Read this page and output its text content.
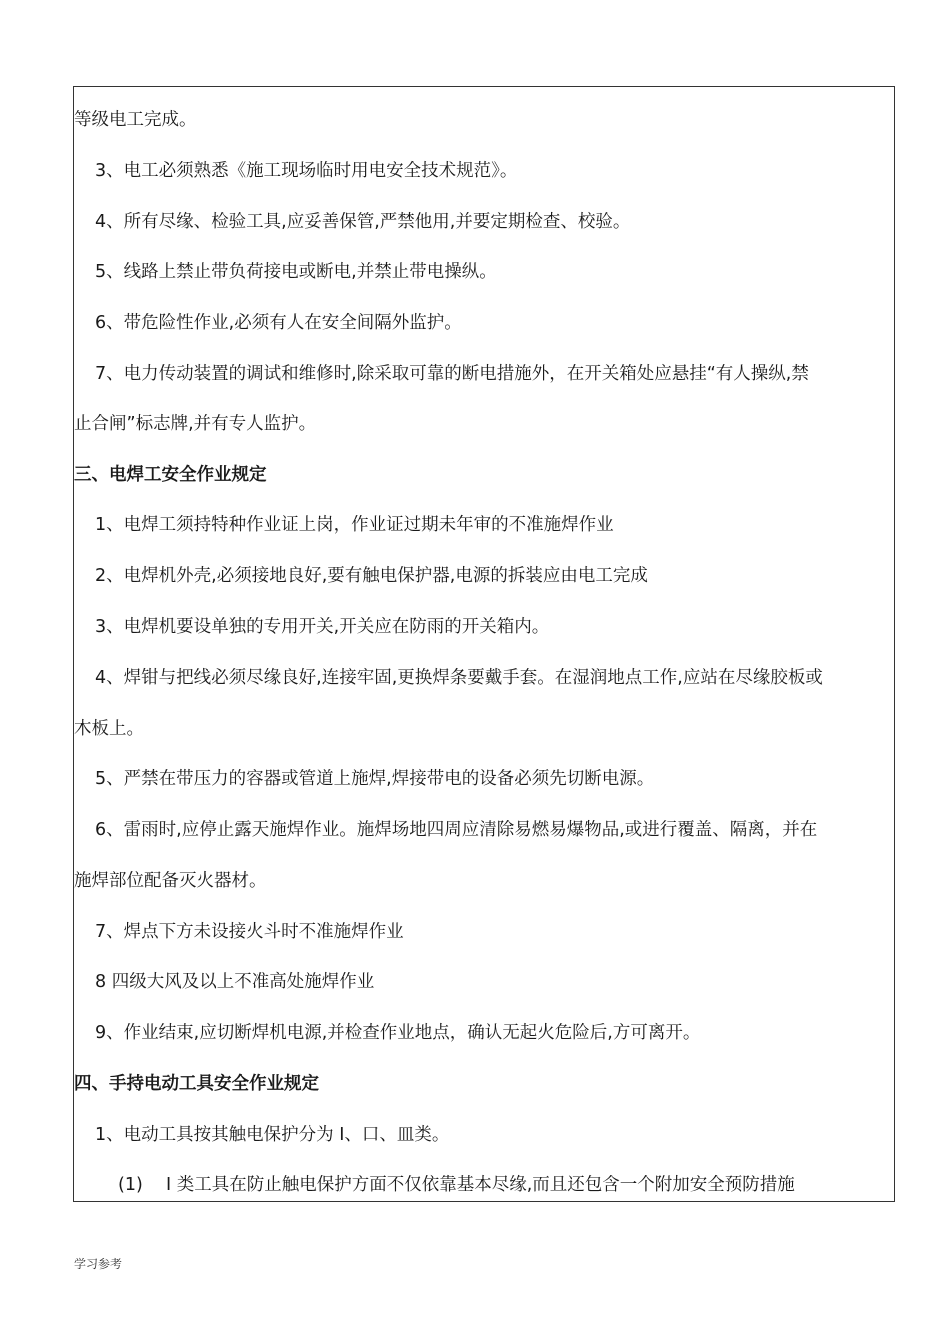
等级电工完成。
3、电工必须熟悉《施工现场临时用电安全技术规范》。
4、所有尽缘、检验工具,应妥善保管,严禁他用,并要定期检查、校验。
5、线路上禁止带负荷接电或断电,并禁止带电操纵。
6、带危险性作业,必须有人在安全间隔外监护。
7、电力传动装置的调试和维修时,除采取可靠的断电措施外，在开关箱处应悬挂“有人操纵,禁
止合闸”标志牌,并有专人监护。
三、电焊工安全作业规定
1、电焊工须持特种作业证上岗，作业证过期未年审的不准施焊作业
2、电焊机外壳,必须接地良好,要有触电保护器,电源的拆装应由电工完成
3、电焊机要设单独的专用开关,开关应在防雨的开关箱内。
4、焊钳与把线必须尽缘良好,连接牢固,更换焊条要戴手套。在湿润地点工作,应站在尽缘胶板或
木板上。
5、严禁在带压力的容器或管道上施焊,焊接带电的设备必须先切断电源。
6、雷雨时,应停止露天施焊作业。施焊场地四周应清除易燃易爆物品,或进行覆盖、隔离，并在
施焊部位配备灭火器材。
7、焊点下方未设接火斗时不准施焊作业
8 四级大风及以上不准高处施焊作业
9、作业结束,应切断焊机电源,并检查作业地点，确认无起火危险后,方可离开。
四、手持电动工具安全作业规定
1、电动工具按其触电保护分为 I、口、皿类。
(1) I 类工具在防止触电保护方面不仅依靠基本尽缘,而且还包含一个附加安全预防措施
学习参考
